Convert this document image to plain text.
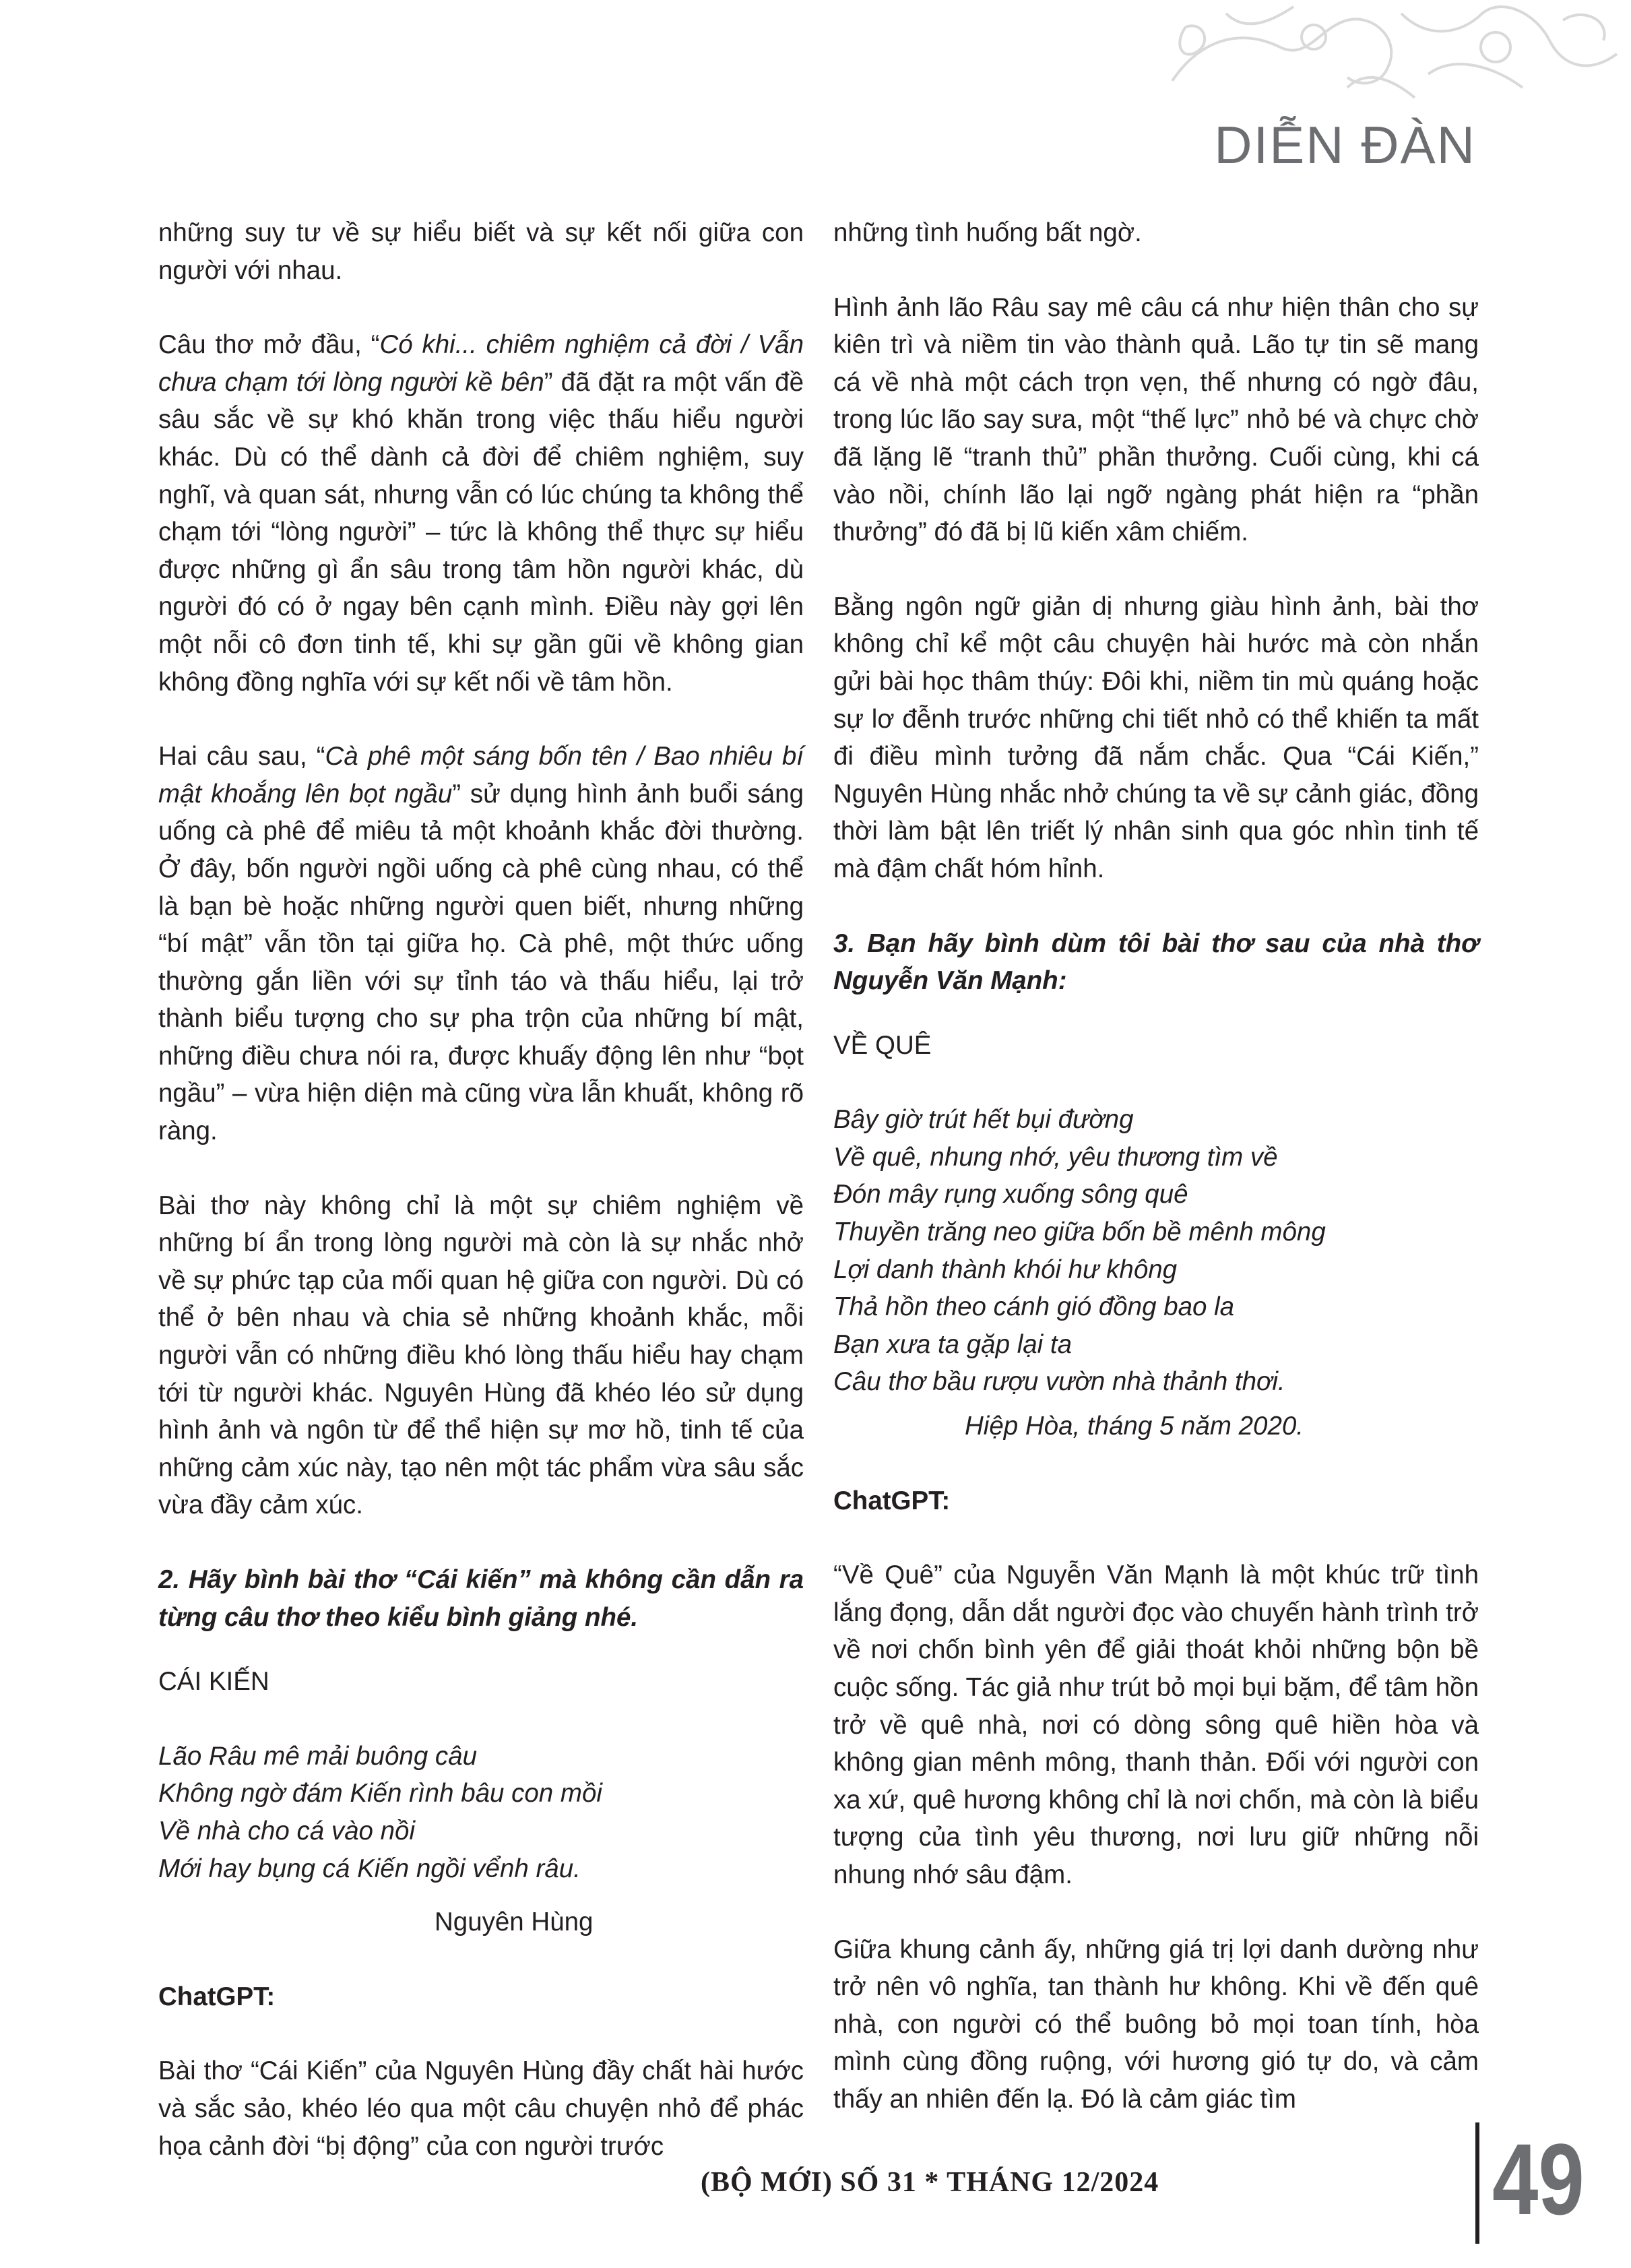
DIỄN ĐÀN

những suy tư về sự hiểu biết và sự kết nối giữa con người với nhau.

Câu thơ mở đầu, “Có khi... chiêm nghiệm cả đời / Vẫn chưa chạm tới lòng người kề bên” đã đặt ra một vấn đề sâu sắc về sự khó khăn trong việc thấu hiểu người khác. Dù có thể dành cả đời để chiêm nghiệm, suy nghĩ, và quan sát, nhưng vẫn có lúc chúng ta không thể chạm tới “lòng người” – tức là không thể thực sự hiểu được những gì ẩn sâu trong tâm hồn người khác, dù người đó có ở ngay bên cạnh mình. Điều này gợi lên một nỗi cô đơn tinh tế, khi sự gần gũi về không gian không đồng nghĩa với sự kết nối về tâm hồn.

Hai câu sau, “Cà phê một sáng bốn tên / Bao nhiêu bí mật khoắng lên bọt ngầu” sử dụng hình ảnh buổi sáng uống cà phê để miêu tả một khoảnh khắc đời thường. Ở đây, bốn người ngồi uống cà phê cùng nhau, có thể là bạn bè hoặc những người quen biết, nhưng những “bí mật” vẫn tồn tại giữa họ. Cà phê, một thức uống thường gắn liền với sự tỉnh táo và thấu hiểu, lại trở thành biểu tượng cho sự pha trộn của những bí mật, những điều chưa nói ra, được khuấy động lên như “bọt ngầu” – vừa hiện diện mà cũng vừa lẫn khuất, không rõ ràng.

Bài thơ này không chỉ là một sự chiêm nghiệm về những bí ẩn trong lòng người mà còn là sự nhắc nhở về sự phức tạp của mối quan hệ giữa con người. Dù có thể ở bên nhau và chia sẻ những khoảnh khắc, mỗi người vẫn có những điều khó lòng thấu hiểu hay chạm tới từ người khác. Nguyên Hùng đã khéo léo sử dụng hình ảnh và ngôn từ để thể hiện sự mơ hồ, tinh tế của những cảm xúc này, tạo nên một tác phẩm vừa sâu sắc vừa đầy cảm xúc.

2. Hãy bình bài thơ “Cái kiến” mà không cần dẫn ra từng câu thơ theo kiểu bình giảng nhé.

CÁI KIẾN

Lão Râu mê mải buông câu
Không ngờ đám Kiến rình bâu con mồi
Về nhà cho cá vào nồi
Mới hay bụng cá Kiến ngồi vểnh râu.

Nguyên Hùng

ChatGPT:

Bài thơ “Cái Kiến” của Nguyên Hùng đầy chất hài hước và sắc sảo, khéo léo qua một câu chuyện nhỏ để phác họa cảnh đời “bị động” của con người trước

những tình huống bất ngờ.

Hình ảnh lão Râu say mê câu cá như hiện thân cho sự kiên trì và niềm tin vào thành quả. Lão tự tin sẽ mang cá về nhà một cách trọn vẹn, thế nhưng có ngờ đâu, trong lúc lão say sưa, một “thế lực” nhỏ bé và chực chờ đã lặng lẽ “tranh thủ” phần thưởng. Cuối cùng, khi cá vào nồi, chính lão lại ngỡ ngàng phát hiện ra “phần thưởng” đó đã bị lũ kiến xâm chiếm.

Bằng ngôn ngữ giản dị nhưng giàu hình ảnh, bài thơ không chỉ kể một câu chuyện hài hước mà còn nhắn gửi bài học thâm thúy: Đôi khi, niềm tin mù quáng hoặc sự lơ đễnh trước những chi tiết nhỏ có thể khiến ta mất đi điều mình tưởng đã nắm chắc. Qua “Cái Kiến,” Nguyên Hùng nhắc nhở chúng ta về sự cảnh giác, đồng thời làm bật lên triết lý nhân sinh qua góc nhìn tinh tế mà đậm chất hóm hỉnh.

3. Bạn hãy bình dùm tôi bài thơ sau của nhà thơ Nguyễn Văn Mạnh:

VỀ QUÊ

Bây giờ trút hết bụi đường
Về quê, nhung nhớ, yêu thương tìm về
Đón mây rụng xuống sông quê
Thuyền trăng neo giữa bốn bề mênh mông
Lợi danh thành khói hư không
Thả hồn theo cánh gió đồng bao la
Bạn xưa ta gặp lại ta
Câu thơ bầu rượu vườn nhà thảnh thơi.

Hiệp Hòa, tháng 5 năm 2020.

ChatGPT:

“Về Quê” của Nguyễn Văn Mạnh là một khúc trữ tình lắng đọng, dẫn dắt người đọc vào chuyến hành trình trở về nơi chốn bình yên để giải thoát khỏi những bộn bề cuộc sống. Tác giả như trút bỏ mọi bụi bặm, để tâm hồn trở về quê nhà, nơi có dòng sông quê hiền hòa và không gian mênh mông, thanh thản. Đối với người con xa xứ, quê hương không chỉ là nơi chốn, mà còn là biểu tượng của tình yêu thương, nơi lưu giữ những nỗi nhung nhớ sâu đậm.

Giữa khung cảnh ấy, những giá trị lợi danh dường như trở nên vô nghĩa, tan thành hư không. Khi về đến quê nhà, con người có thể buông bỏ mọi toan tính, hòa mình cùng đồng ruộng, với hương gió tự do, và cảm thấy an nhiên đến lạ. Đó là cảm giác tìm

(BỘ MỚI) SỐ 31 * THÁNG 12/2024	49
